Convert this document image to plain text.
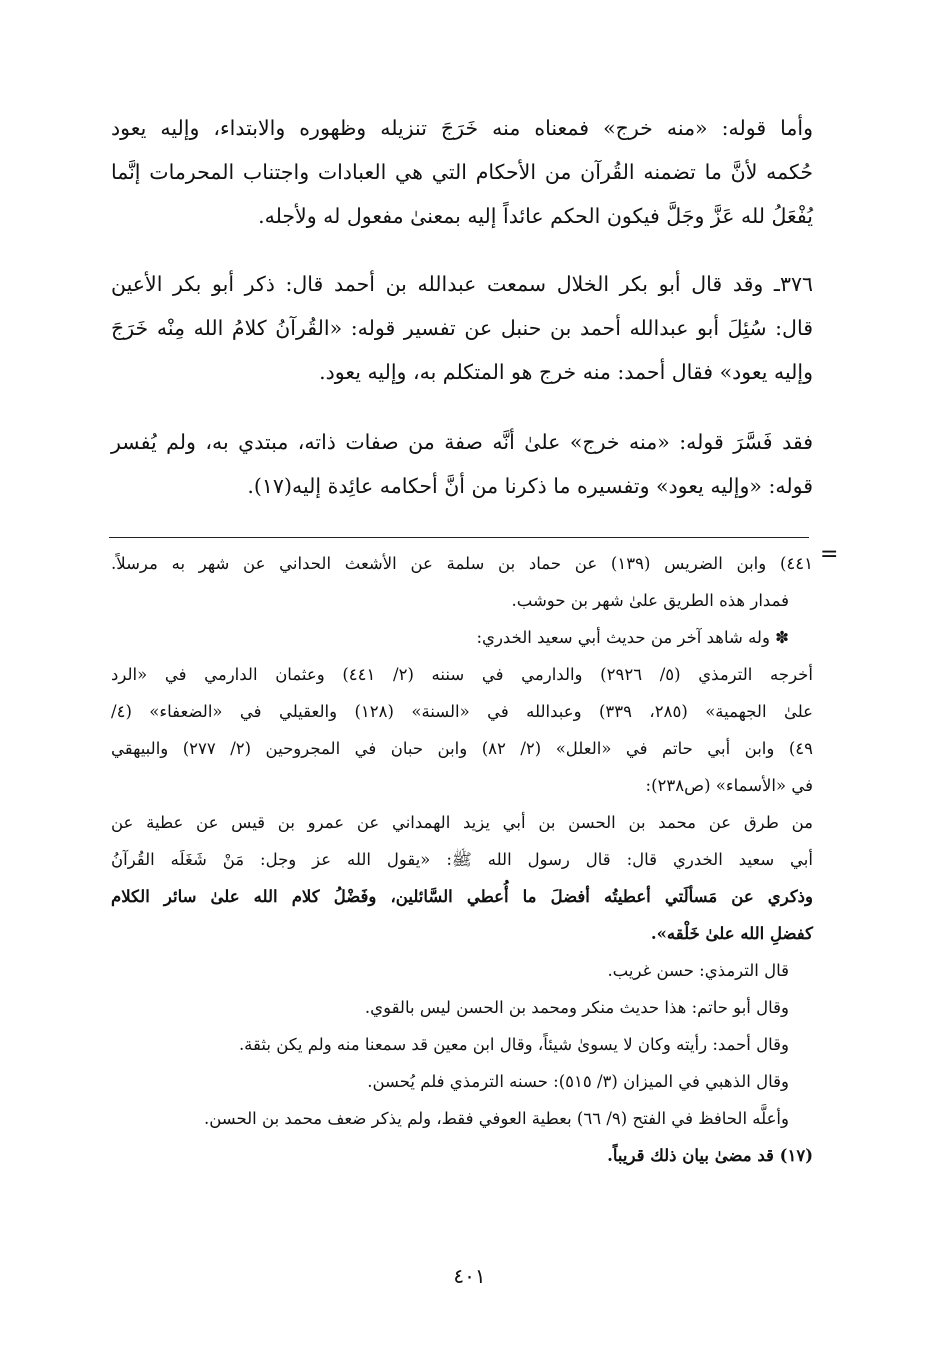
وأما قوله: «منه خرج» فمعناه منه خَرَجَ تنزيله وظهوره والابتداء، وإليه يعود
حُكمه لأنَّ ما تضمنه القُرآن من الأحكام التي هي العبادات واجتناب المحرمات إنَّما
يُفْعَلُ لله عَزَّ وجَلَّ فيكون الحكم عائداً إليه بمعنىٰ مفعول له ولأجله.
٣٧٦ـ وقد قال أبو بكر الخلال سمعت عبدالله بن أحمد قال: ذكر أبو بكر الأعين
قال: سُئِلَ أبو عبدالله أحمد بن حنبل عن تفسير قوله: «القُرآنُ كلامُ الله مِنْه خَرَجَ
وإليه يعود» فقال أحمد: منه خرج هو المتكلم به، وإليه يعود.
فقد فَسَّرَ قوله: «منه خرج» علىٰ أنَّه صفة من صفات ذاته، مبتدي به، ولم يُفسر
قوله: «وإليه يعود» وتفسيره ما ذكرنا من أنَّ أحكامه عائِدة إليه(١٧).
=
٤٤١) وابن الضريس (١٣٩) عن حماد بن سلمة عن الأشعث الحداني عن شهر به مرسلاً.
فمدار هذه الطريق علىٰ شهر بن حوشب.
✽ وله شاهد آخر من حديث أبي سعيد الخدري:
أخرجه الترمذي (٥/ ٢٩٢٦) والدارمي في سننه (٢/ ٤٤١) وعثمان الدارمي في «الرد
علىٰ الجهمية» (٢٨٥، ٣٣٩) وعبدالله في «السنة» (١٢٨) والعقيلي في «الضعفاء» (٤/
٤٩) وابن أبي حاتم في «العلل» (٢/ ٨٢) وابن حبان في المجروحين (٢/ ٢٧٧) والبيهقي
في «الأسماء» (ص٢٣٨):
من طرق عن محمد بن الحسن بن أبي يزيد الهمداني عن عمرو بن قيس عن عطية عن
أبي سعيد الخدري قال: قال رسول الله ﷺ: «يقول الله عز وجل: مَنْ شَغَلَه القُرآنُ
وذكري عن مَسألَتي أعطيتُه أفضلَ ما أُعطي السَّائلين، وفَضْلُ كلام الله علىٰ سائر الكلام
كفضلِ الله علىٰ خَلْقه».
قال الترمذي: حسن غريب.
وقال أبو حاتم: هذا حديث منكر ومحمد بن الحسن ليس بالقوي.
وقال أحمد: رأيته وكان لا يسوىٰ شيئاً، وقال ابن معين قد سمعنا منه ولم يكن بثقة.
وقال الذهبي في الميزان (٣/ ٥١٥): حسنه الترمذي فلم يُحسن.
وأعلَّه الحافظ في الفتح (٩/ ٦٦) بعطية العوفي فقط، ولم يذكر ضعف محمد بن الحسن.
(١٧) قد مضىٰ بيان ذلك قريباً.
٤٠١
